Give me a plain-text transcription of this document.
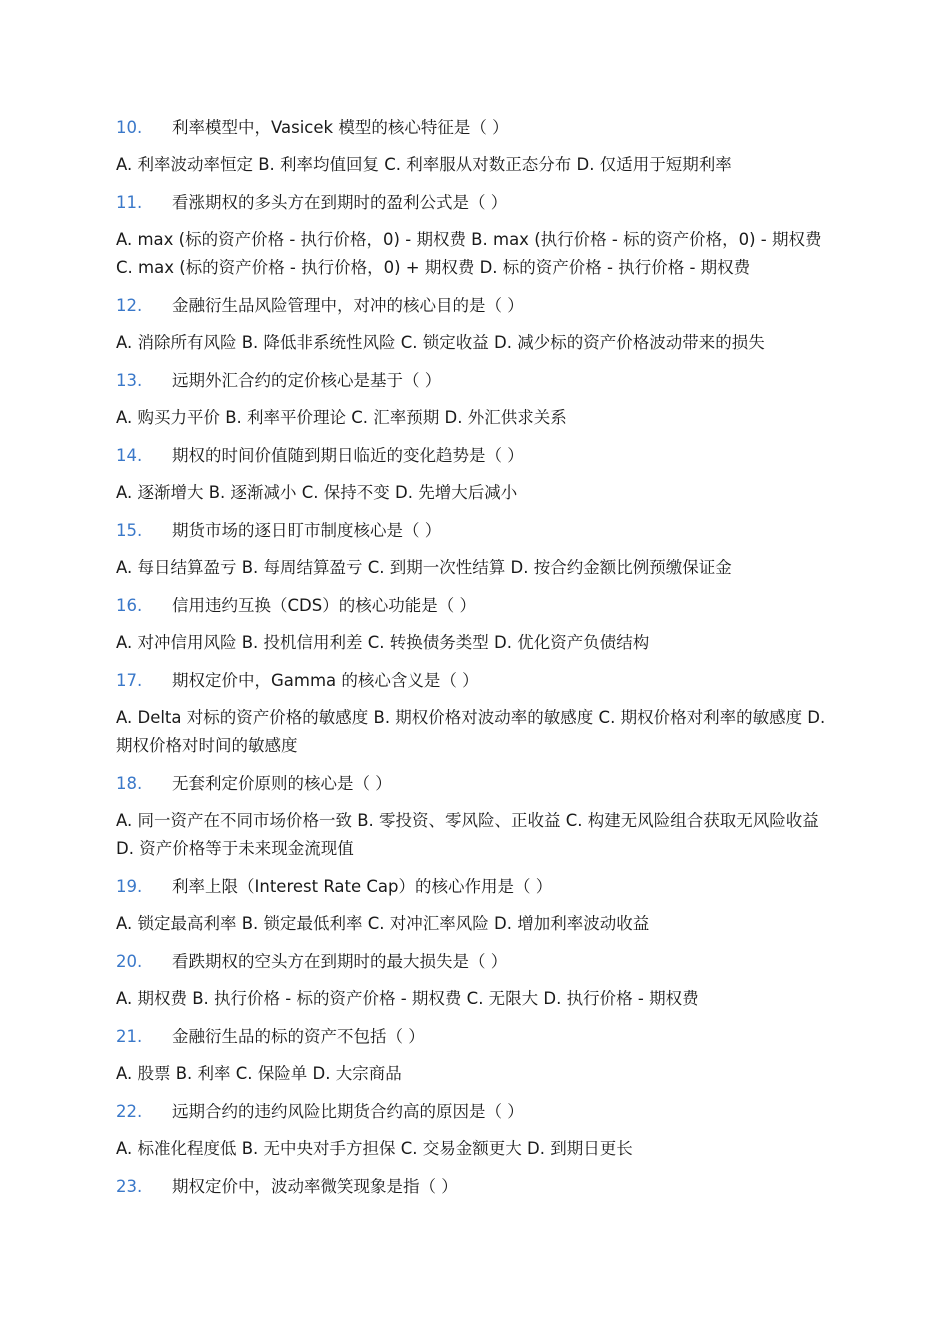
10.	利率模型中，Vasicek 模型的核心特征是（ ）
A. 利率波动率恒定 B. 利率均值回复 C. 利率服从对数正态分布 D. 仅适用于短期利率
11.	看涨期权的多头方在到期时的盈利公式是（ ）
A. max (标的资产价格 - 执行价格，0) - 期权费 B. max (执行价格 - 标的资产价格，0) - 期权费 C. max (标的资产价格 - 执行价格，0) + 期权费 D. 标的资产价格 - 执行价格 - 期权费
12.	金融衍生品风险管理中，对冲的核心目的是（ ）
A. 消除所有风险 B. 降低非系统性风险 C. 锁定收益 D. 减少标的资产价格波动带来的损失
13.	远期外汇合约的定价核心是基于（ ）
A. 购买力平价 B. 利率平价理论 C. 汇率预期 D. 外汇供求关系
14.	期权的时间价值随到期日临近的变化趋势是（ ）
A. 逐渐增大 B. 逐渐减小 C. 保持不变 D. 先增大后减小
15.	期货市场的逐日盯市制度核心是（ ）
A. 每日结算盈亏 B. 每周结算盈亏 C. 到期一次性结算 D. 按合约金额比例预缴保证金
16.	信用违约互换（CDS）的核心功能是（ ）
A. 对冲信用风险 B. 投机信用利差 C. 转换债务类型 D. 优化资产负债结构
17.	期权定价中，Gamma 的核心含义是（ ）
A. Delta 对标的资产价格的敏感度 B. 期权价格对波动率的敏感度 C. 期权价格对利率的敏感度 D. 期权价格对时间的敏感度
18.	无套利定价原则的核心是（ ）
A. 同一资产在不同市场价格一致 B. 零投资、零风险、正收益 C. 构建无风险组合获取无风险收益 D. 资产价格等于未来现金流现值
19.	利率上限（Interest Rate Cap）的核心作用是（ ）
A. 锁定最高利率 B. 锁定最低利率 C. 对冲汇率风险 D. 增加利率波动收益
20.	看跌期权的空头方在到期时的最大损失是（ ）
A. 期权费 B. 执行价格 - 标的资产价格 - 期权费 C. 无限大 D. 执行价格 - 期权费
21.	金融衍生品的标的资产不包括（ ）
A. 股票 B. 利率 C. 保险单 D. 大宗商品
22.	远期合约的违约风险比期货合约高的原因是（ ）
A. 标准化程度低 B. 无中央对手方担保 C. 交易金额更大 D. 到期日更长
23.	期权定价中，波动率微笑现象是指（ ）
